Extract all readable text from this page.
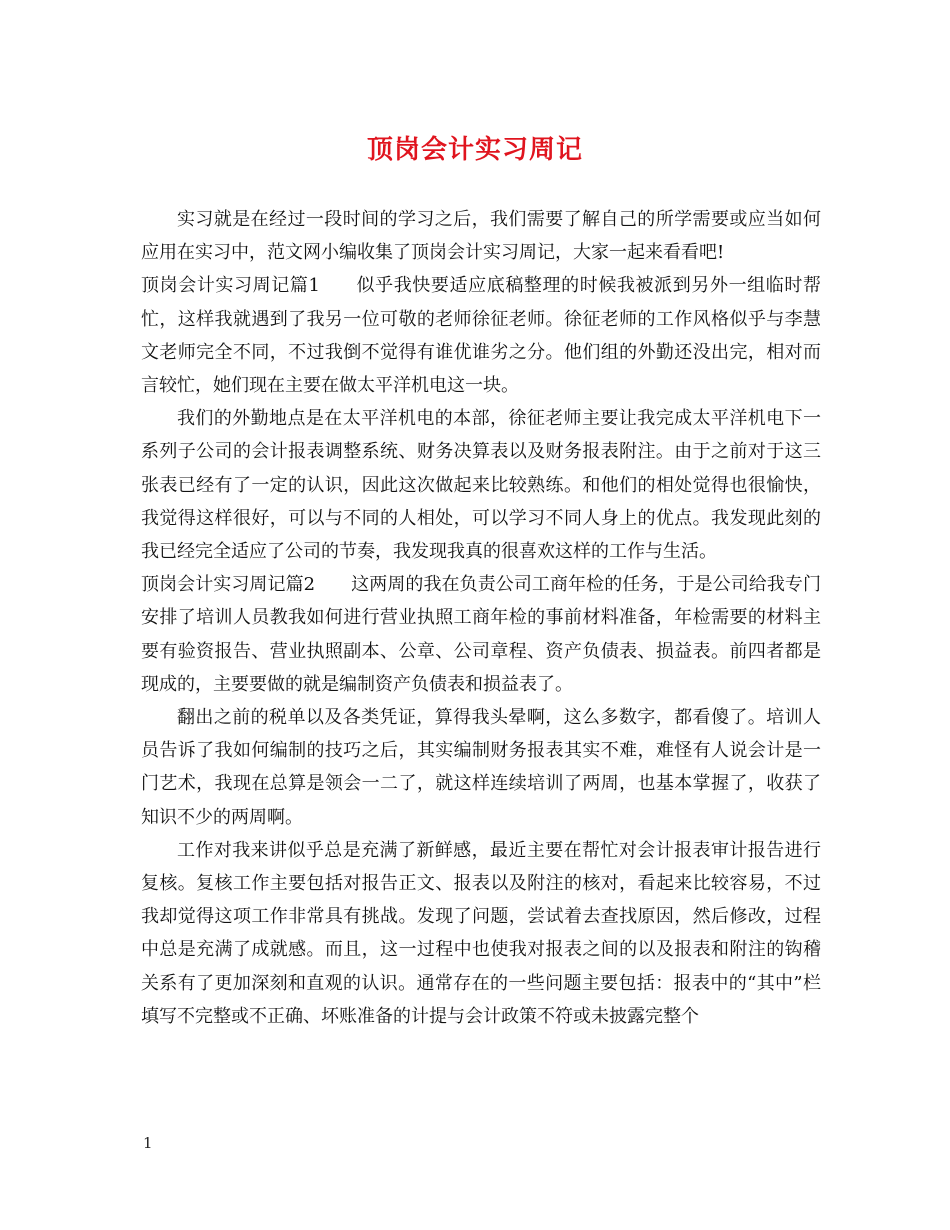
顶岗会计实习周记

实习就是在经过一段时间的学习之后，我们需要了解自己的所学需要或应当如何应用在实习中，范文网小编收集了顶岗会计实习周记，大家一起来看看吧!

顶岗会计实习周记篇1 似乎我快要适应底稿整理的时候我被派到另外一组临时帮忙，这样我就遇到了我另一位可敬的老师徐征老师。徐征老师的工作风格似乎与李慧文老师完全不同，不过我倒不觉得有谁优谁劣之分。他们组的外勤还没出完，相对而言较忙，她们现在主要在做太平洋机电这一块。

我们的外勤地点是在太平洋机电的本部，徐征老师主要让我完成太平洋机电下一系列子公司的会计报表调整系统、财务决算表以及财务报表附注。由于之前对于这三张表已经有了一定的认识，因此这次做起来比较熟练。和他们的相处觉得也很愉快，我觉得这样很好，可以与不同的人相处，可以学习不同人身上的优点。我发现此刻的我已经完全适应了公司的节奏，我发现我真的很喜欢这样的工作与生活。

顶岗会计实习周记篇2 这两周的我在负责公司工商年检的任务，于是公司给我专门安排了培训人员教我如何进行营业执照工商年检的事前材料准备，年检需要的材料主要有验资报告、营业执照副本、公章、公司章程、资产负债表、损益表。前四者都是现成的，主要要做的就是编制资产负债表和损益表了。

翻出之前的税单以及各类凭证，算得我头晕啊，这么多数字，都看傻了。培训人员告诉了我如何编制的技巧之后，其实编制财务报表其实不难，难怪有人说会计是一门艺术，我现在总算是领会一二了，就这样连续培训了两周，也基本掌握了，收获了知识不少的两周啊。

工作对我来讲似乎总是充满了新鲜感，最近主要在帮忙对会计报表审计报告进行复核。复核工作主要包括对报告正文、报表以及附注的核对，看起来比较容易，不过我却觉得这项工作非常具有挑战。发现了问题，尝试着去查找原因，然后修改，过程中总是充满了成就感。而且，这一过程中也使我对报表之间的以及报表和附注的钩稽关系有了更加深刻和直观的认识。通常存在的一些问题主要包括：报表中的“其中”栏填写不完整或不正确、坏账准备的计提与会计政策不符或未披露完整个

1
